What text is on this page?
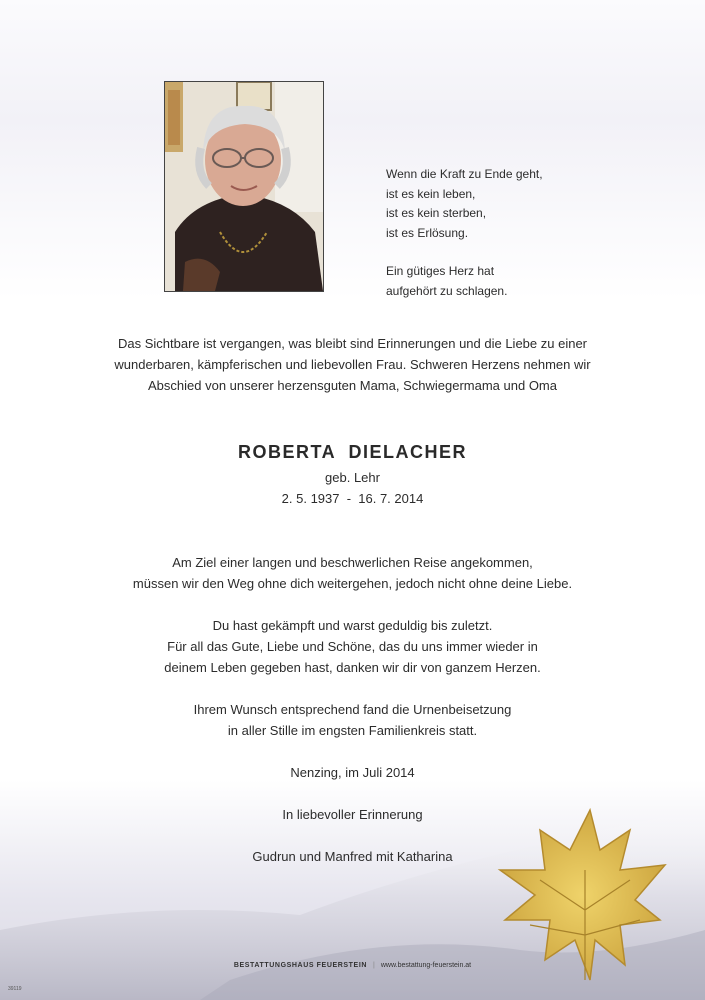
Wenn die Kraft zu Ende geht,
ist es kein leben,
ist es kein sterben,
ist es Erlösung.

Ein gütiges Herz hat
aufgehört zu schlagen.

Das Sichtbare ist vergangen, was bleibt sind Erinnerungen und die Liebe zu einer
wunderbaren, kämpferischen und liebevollen Frau. Schweren Herzens nehmen wir
Abschied von unserer herzensguten Mama, Schwiegermama und Oma
ROBERTA  DIELACHER
geb. Lehr
2. 5. 1937  -  16. 7. 2014

Am Ziel einer langen und beschwerlichen Reise angekommen,
müssen wir den Weg ohne dich weitergehen, jedoch nicht ohne deine Liebe.

Du hast gekämpft und warst geduldig bis zuletzt.
Für all das Gute, Liebe und Schöne, das du uns immer wieder in
deinem Leben gegeben hast, danken wir dir von ganzem Herzen.

Ihrem Wunsch entsprechend fand die Urnenbeisetzung
in aller Stille im engsten Familienkreis statt.

Nenzing, im Juli 2014

In liebevoller Erinnerung

Gudrun und Manfred mit Katharina

BESTATTUNGSHAUS FEUERSTEIN | www.bestattung-feuerstein.at
39119
